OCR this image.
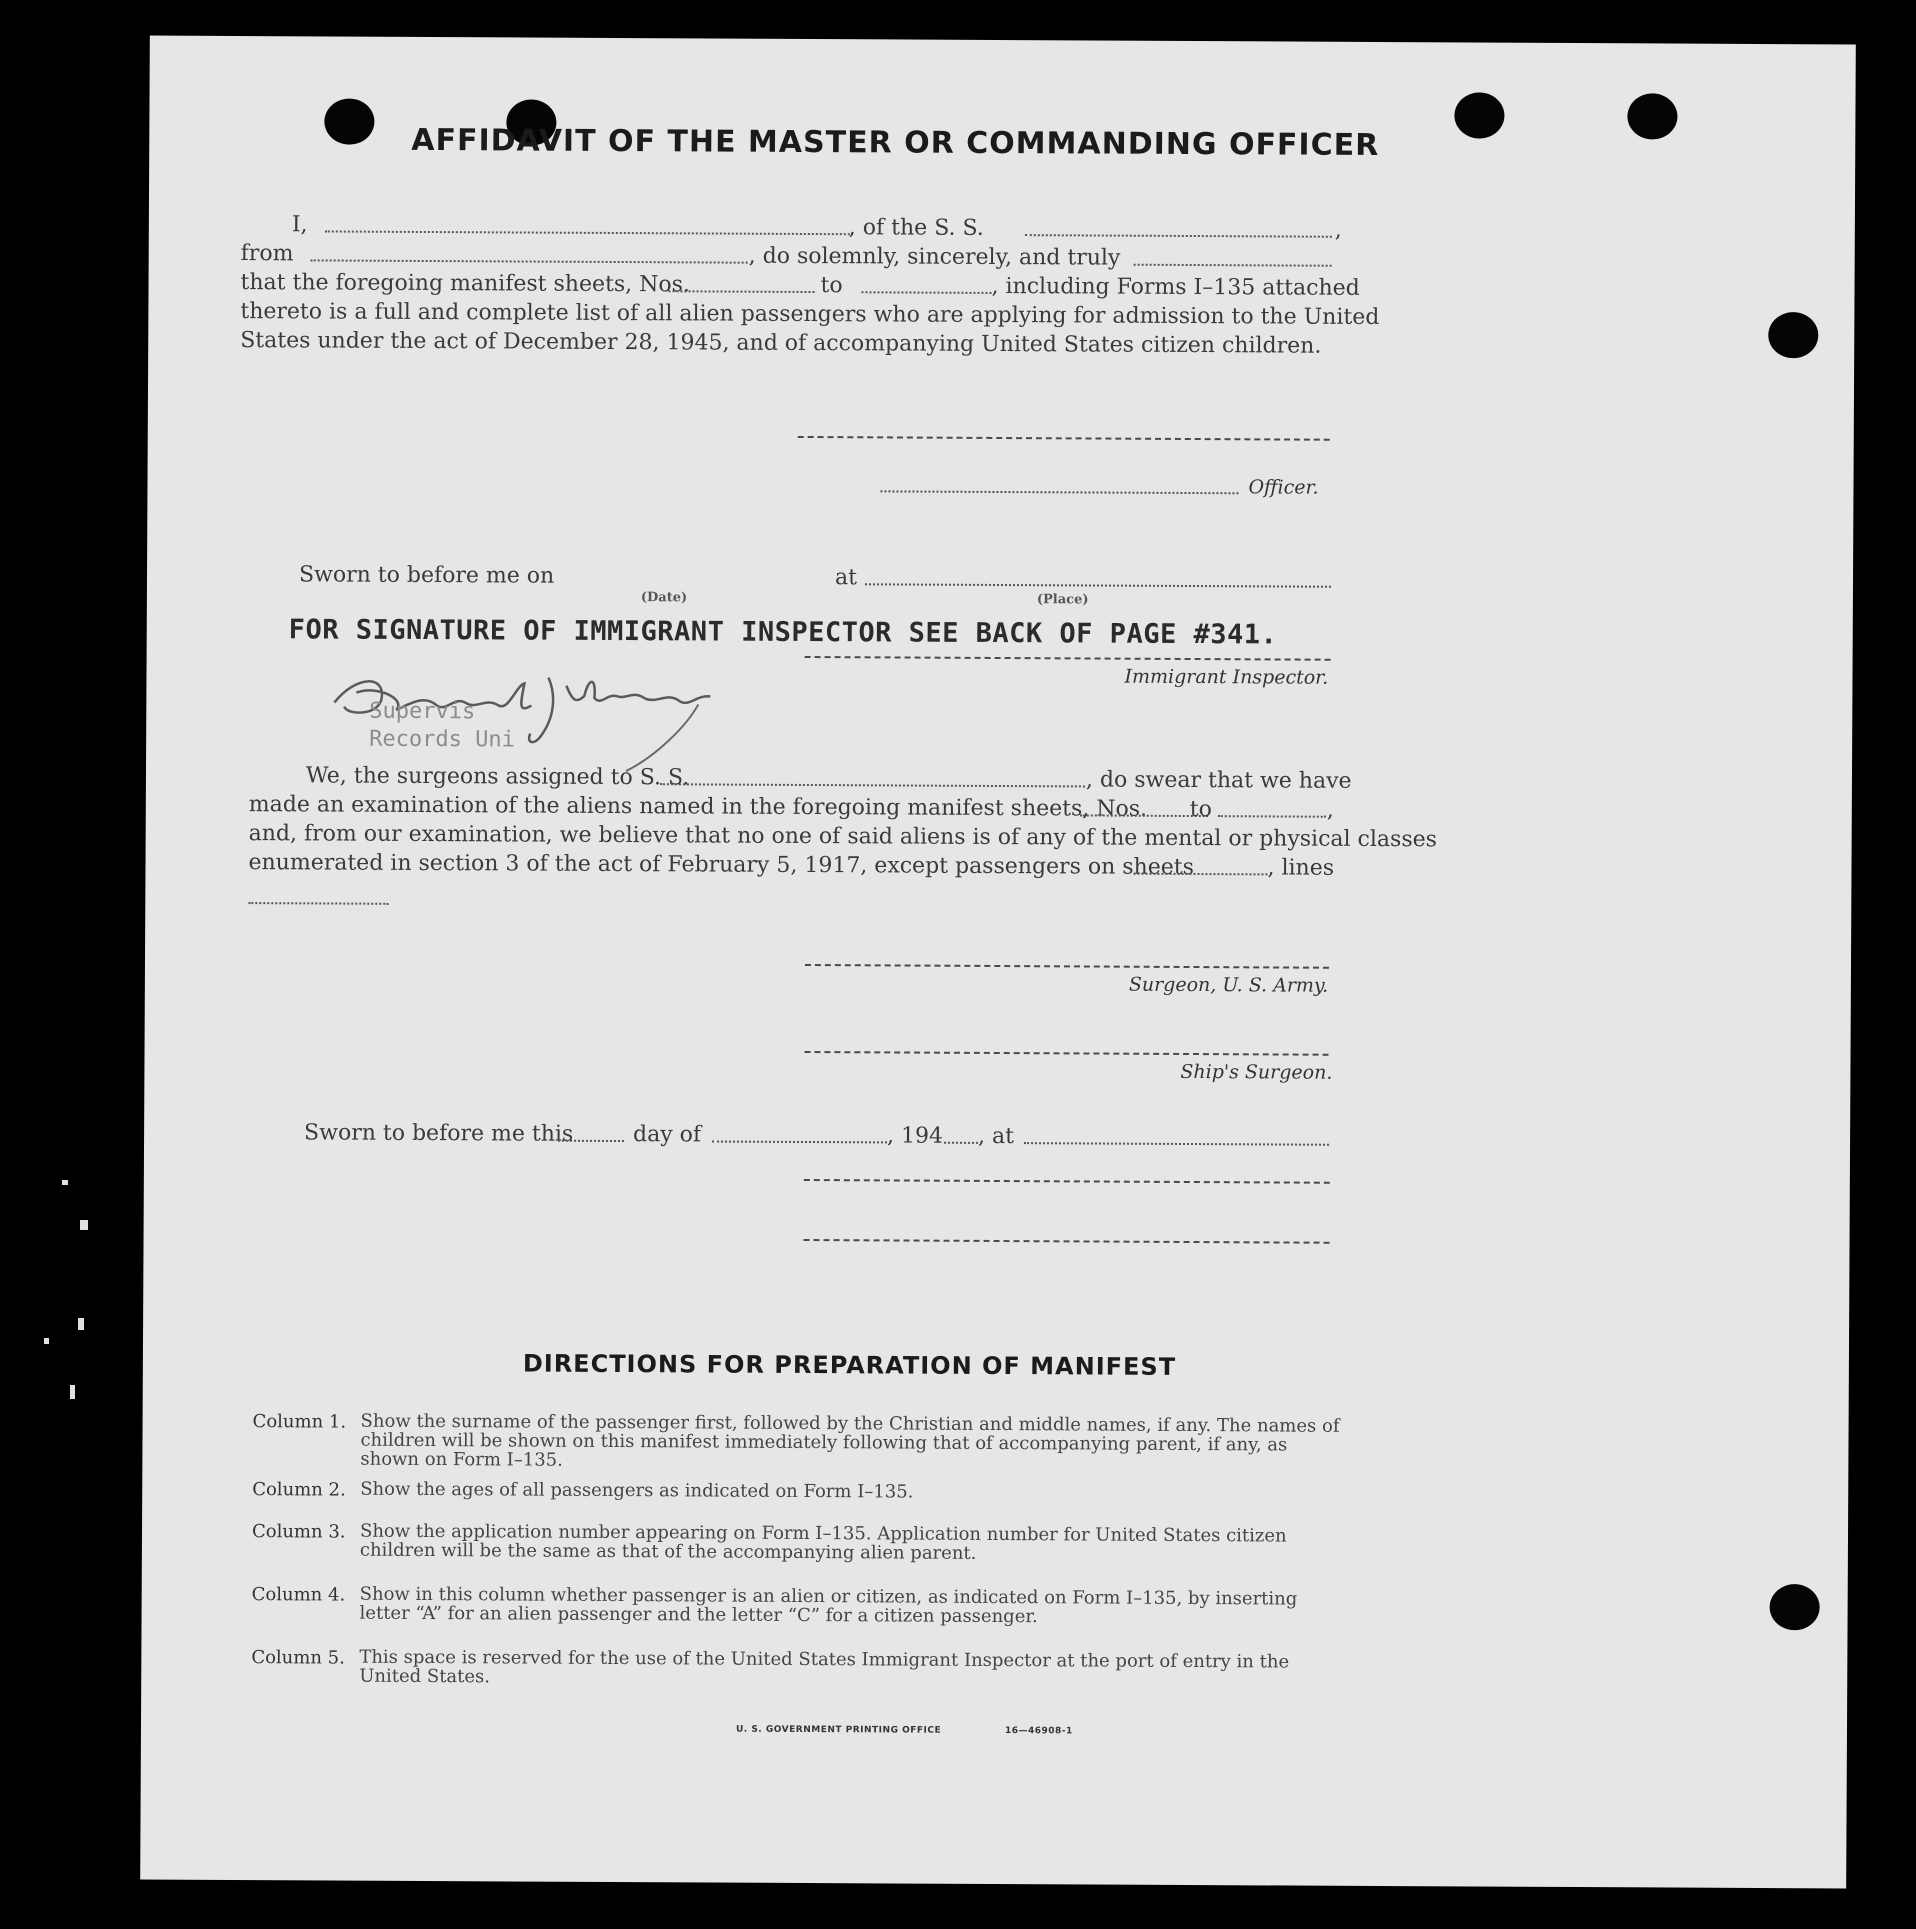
AFFIDAVIT OF THE MASTER OR COMMANDING OFFICER
I,	, of the S. S.	,
from	, do solemnly, sincerely, and truly
that the foregoing manifest sheets, Nos.	to	, including Forms I–135 attached
thereto is a full and complete list of all alien passengers who are applying for admission to the United
States under the act of December 28, 1945, and of accompanying United States citizen children.
Officer.
Sworn to before me on	at
(Date)	(Place)
FOR SIGNATURE OF IMMIGRANT INSPECTOR SEE BACK OF PAGE #341.
Immigrant Inspector.
Supervis
Records Uni
We, the surgeons assigned to S. S.	, do swear that we have
made an examination of the aliens named in the foregoing manifest sheets, Nos. to	,
and, from our examination, we believe that no one of said aliens is of any of the mental or physical classes
enumerated in section 3 of the act of February 5, 1917, except passengers on sheets	, lines
Surgeon, U. S. Army.
Ship's Surgeon.
Sworn to before me this	day of	, 194 , at
DIRECTIONS FOR PREPARATION OF MANIFEST
Column 1. Show the surname of the passenger first, followed by the Christian and middle names, if any. The names of children will be shown on this manifest immediately following that of accompanying parent, if any, as shown on Form I–135.
Column 2. Show the ages of all passengers as indicated on Form I–135.
Column 3. Show the application number appearing on Form I–135. Application number for United States citizen children will be the same as that of the accompanying alien parent.
Column 4. Show in this column whether passenger is an alien or citizen, as indicated on Form I–135, by inserting letter “A” for an alien passenger and the letter “C” for a citizen passenger.
Column 5. This space is reserved for the use of the United States Immigrant Inspector at the port of entry in the United States.
U. S. GOVERNMENT PRINTING OFFICE	16—46908-1
